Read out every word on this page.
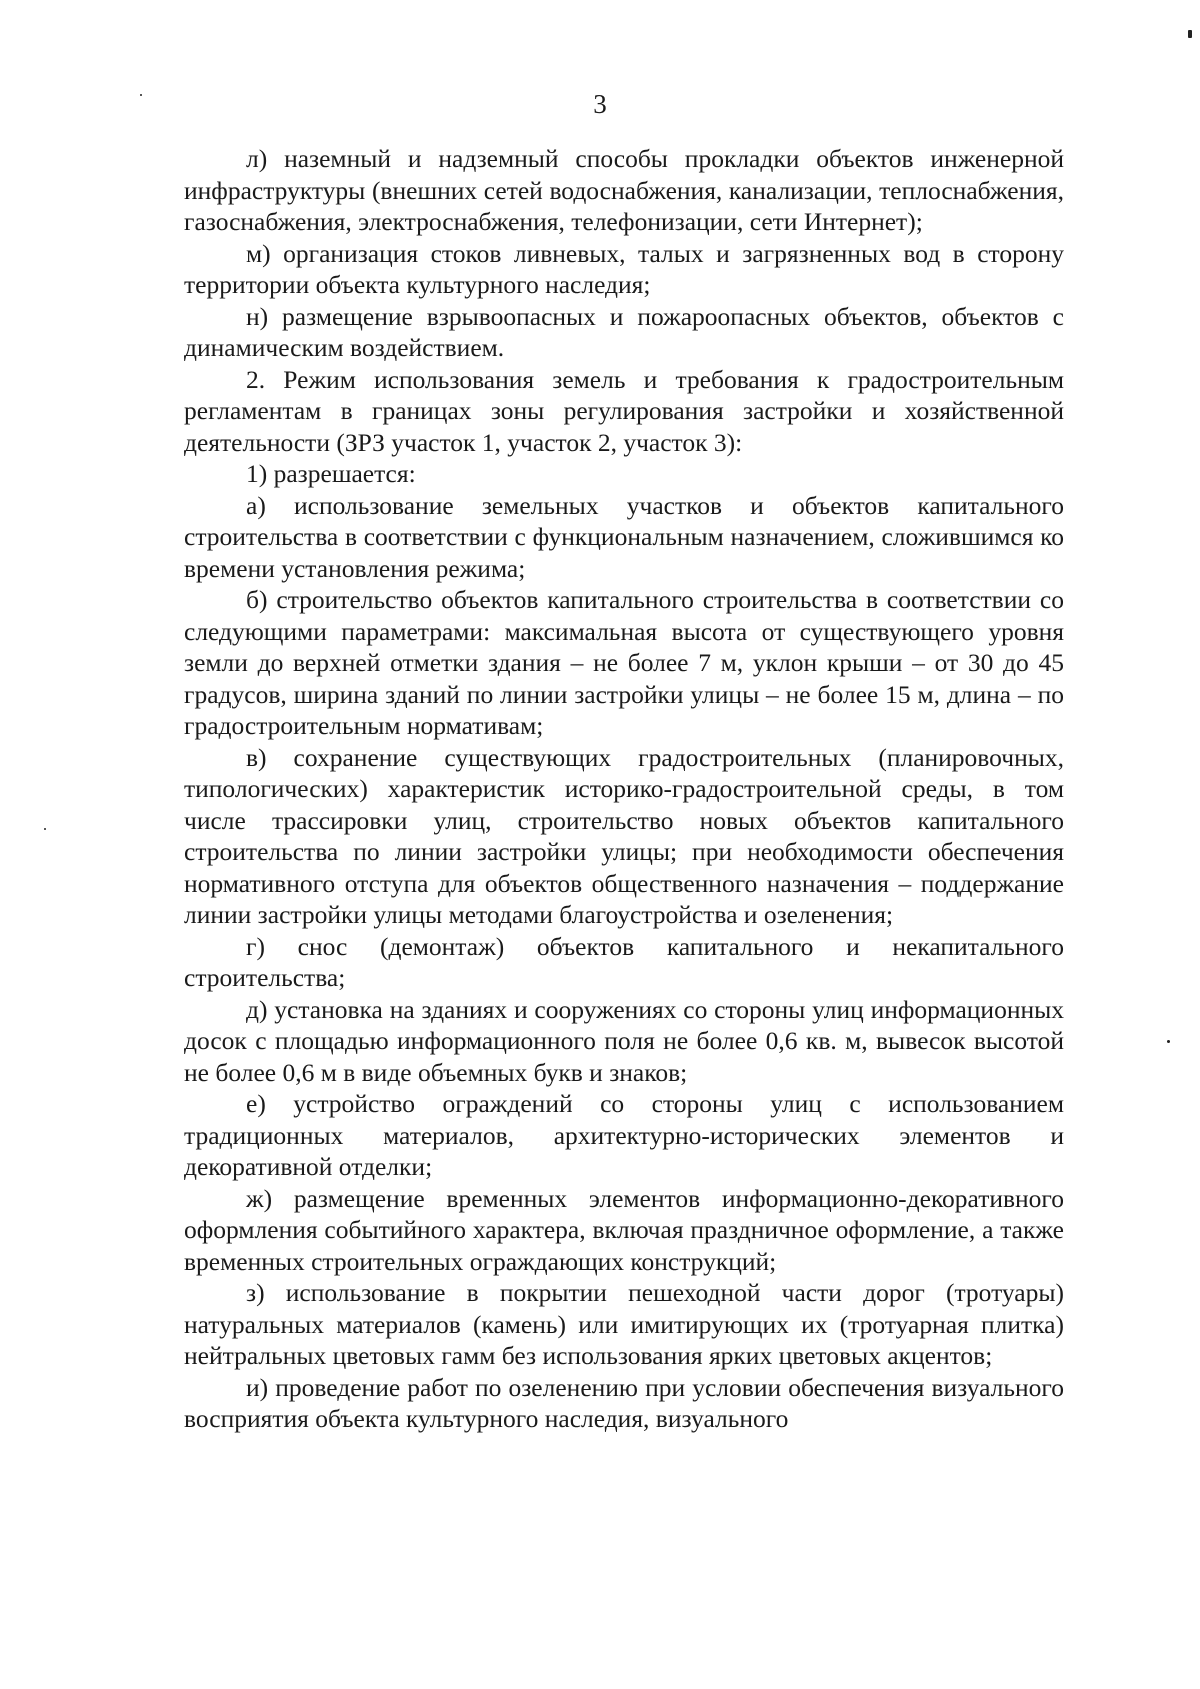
3

л) наземный и надземный способы прокладки объектов инженерной инфраструктуры (внешних сетей водоснабжения, канализации, теплоснабжения, газоснабжения, электроснабжения, телефонизации, сети Интернет);

м) организация стоков ливневых, талых и загрязненных вод в сторону территории объекта культурного наследия;

н) размещение взрывоопасных и пожароопасных объектов, объектов с динамическим воздействием.

2. Режим использования земель и требования к градостроительным регламентам в границах зоны регулирования застройки и хозяйственной деятельности (ЗРЗ участок 1, участок 2, участок 3):

1) разрешается:

а) использование земельных участков и объектов капитального строительства в соответствии с функциональным назначением, сложившимся ко времени установления режима;

б) строительство объектов капитального строительства в соответствии со следующими параметрами: максимальная высота от существующего уровня земли до верхней отметки здания – не более 7 м, уклон крыши – от 30 до 45 градусов, ширина зданий по линии застройки улицы – не более 15 м, длина – по градостроительным нормативам;

в) сохранение существующих градостроительных (планировочных, типологических) характеристик историко-градостроительной среды, в том числе трассировки улиц, строительство новых объектов капитального строительства по линии застройки улицы; при необходимости обеспечения нормативного отступа для объектов общественного назначения – поддержание линии застройки улицы методами благоустройства и озеленения;

г) снос (демонтаж) объектов капитального и некапитального строительства;

д) установка на зданиях и сооружениях со стороны улиц информационных досок с площадью информационного поля не более 0,6 кв. м, вывесок высотой не более 0,6 м в виде объемных букв и знаков;

е) устройство ограждений со стороны улиц с использованием традиционных материалов, архитектурно-исторических элементов и декоративной отделки;

ж) размещение временных элементов информационно-декоративного оформления событийного характера, включая праздничное оформление, а также временных строительных ограждающих конструкций;

з) использование в покрытии пешеходной части дорог (тротуары) натуральных материалов (камень) или имитирующих их (тротуарная плитка) нейтральных цветовых гамм без использования ярких цветовых акцентов;

и) проведение работ по озеленению при условии обеспечения визуального восприятия объекта культурного наследия, визуального
